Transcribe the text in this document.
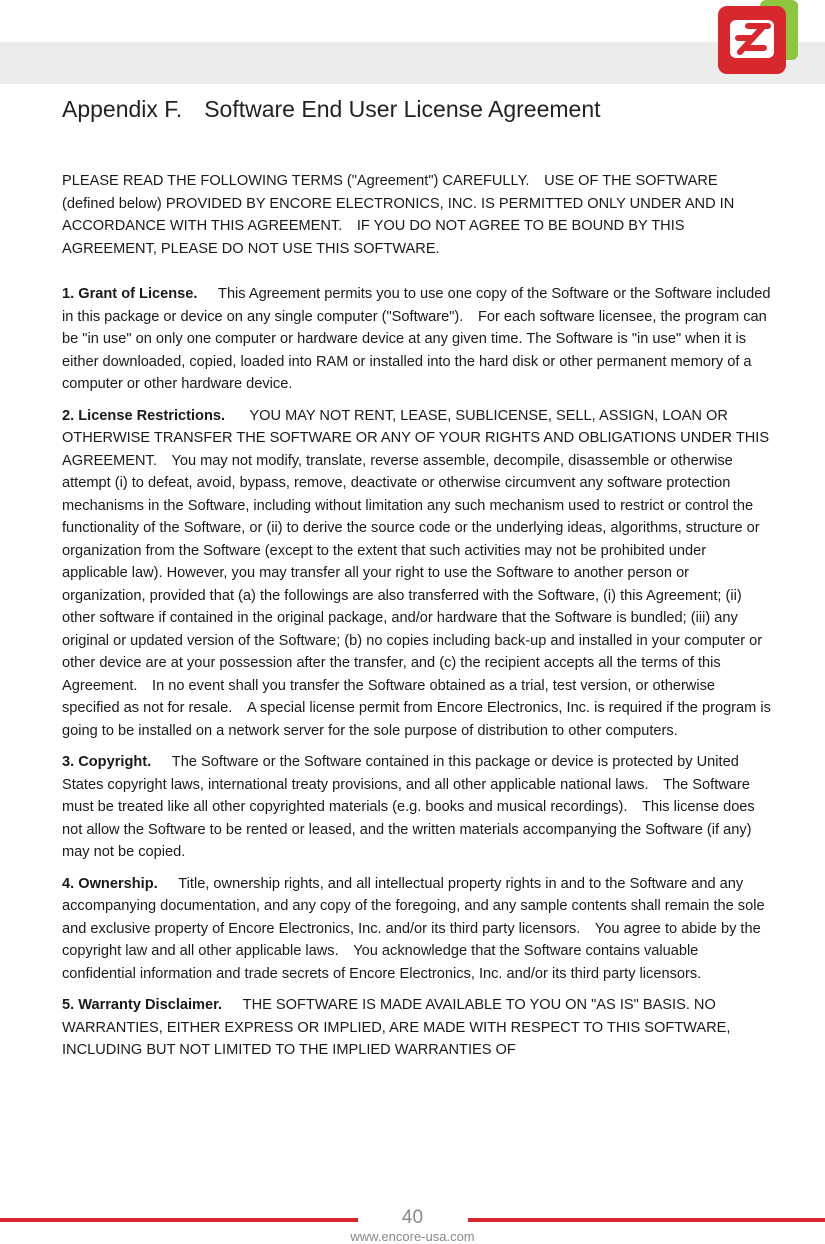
Appendix F. Software End User License Agreement

PLEASE READ THE FOLLOWING TERMS ("Agreement") CAREFULLY.　USE OF THE SOFTWARE (defined below) PROVIDED BY ENCORE ELECTRONICS, INC. IS PERMITTED ONLY UNDER AND IN ACCORDANCE WITH THIS AGREEMENT.　IF YOU DO NOT AGREE TO BE BOUND BY THIS AGREEMENT, PLEASE DO NOT USE THIS SOFTWARE.

1. Grant of License.　This Agreement permits you to use one copy of the Software or the Software included in this package or device on any single computer ("Software").　For each software licensee, the program can be "in use" on only one computer or hardware device at any given time. The Software is "in use" when it is either downloaded, copied, loaded into RAM or installed into the hard disk or other permanent memory of a computer or other hardware device.

2. License Restrictions.　 YOU MAY NOT RENT, LEASE, SUBLICENSE, SELL, ASSIGN, LOAN OR OTHERWISE TRANSFER THE SOFTWARE OR ANY OF YOUR RIGHTS AND OBLIGATIONS UNDER THIS AGREEMENT.　You may not modify, translate, reverse assemble, decompile, disassemble or otherwise attempt (i) to defeat, avoid, bypass, remove, deactivate or otherwise circumvent any software protection mechanisms in the Software, including without limitation any such mechanism used to restrict or control the functionality of the Software, or (ii) to derive the source code or the underlying ideas, algorithms, structure or organization from the Software (except to the extent that such activities may not be prohibited under applicable law). However, you may transfer all your right to use the Software to another person or organization, provided that (a) the followings are also transferred with the Software, (i) this Agreement; (ii) other software if contained in the original package, and/or hardware that the Software is bundled; (iii) any original or updated version of the Software; (b) no copies including back-up and installed in your computer or other device are at your possession after the transfer, and (c) the recipient accepts all the terms of this Agreement.　In no event shall you transfer the Software obtained as a trial, test version, or otherwise specified as not for resale.　A special license permit from Encore Electronics, Inc. is required if the program is going to be installed on a network server for the sole purpose of distribution to other computers.

3. Copyright.　The Software or the Software contained in this package or device is protected by United States copyright laws, international treaty provisions, and all other applicable national laws.　The Software must be treated like all other copyrighted materials (e.g. books and musical recordings).　This license does not allow the Software to be rented or leased, and the written materials accompanying the Software (if any) may not be copied.

4. Ownership.　Title, ownership rights, and all intellectual property rights in and to the Software and any accompanying documentation, and any copy of the foregoing, and any sample contents shall remain the sole and exclusive property of Encore Electronics, Inc. and/or its third party licensors.　You agree to abide by the copyright law and all other applicable laws.　You acknowledge that the Software contains valuable confidential information and trade secrets of Encore Electronics, Inc. and/or its third party licensors.

5. Warranty Disclaimer.　THE SOFTWARE IS MADE AVAILABLE TO YOU ON "AS IS" BASIS. NO WARRANTIES, EITHER EXPRESS OR IMPLIED, ARE MADE WITH RESPECT TO THIS SOFTWARE, INCLUDING BUT NOT LIMITED TO THE IMPLIED WARRANTIES OF

40
www.encore-usa.com
